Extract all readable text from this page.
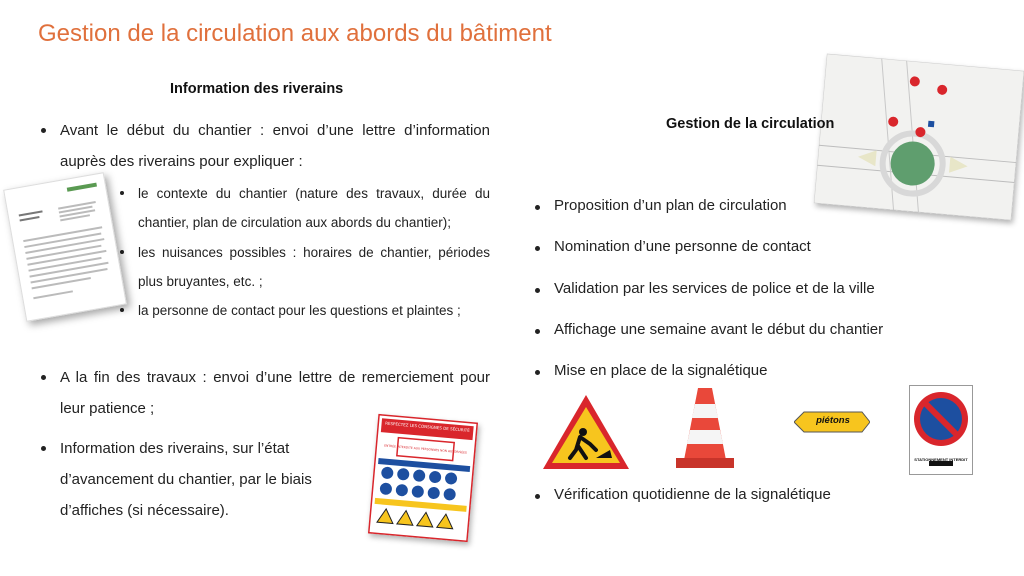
Gestion de la circulation aux abords du bâtiment
Information des riverains
Avant le début du chantier : envoi d’une lettre d’information auprès des riverains pour expliquer :
le contexte du chantier (nature des travaux, durée du chantier, plan de circulation aux abords du chantier);
les nuisances possibles : horaires de chantier, périodes plus bruyantes, etc. ;
la personne de contact pour les questions et plaintes ;
A la fin des travaux : envoi d’une lettre de remerciement pour leur patience ;
Information des riverains, sur l’état d’avancement du chantier, par le biais d’affiches (si nécessaire).
RESPECTEZ LES CONSIGNES DE SÉCURITÉ
ENTRÉE INTERDITE AUX PERSONNES NON AUTORISÉES
Gestion de la circulation
Proposition d’un plan de circulation
Nomination d’une personne de contact
Validation par les services de police et de la ville
Affichage une semaine avant le début du chantier
Mise en place de la signalétique
piétons
STATIONNEMENT INTERDIT
Vérification quotidienne de la signalétique
